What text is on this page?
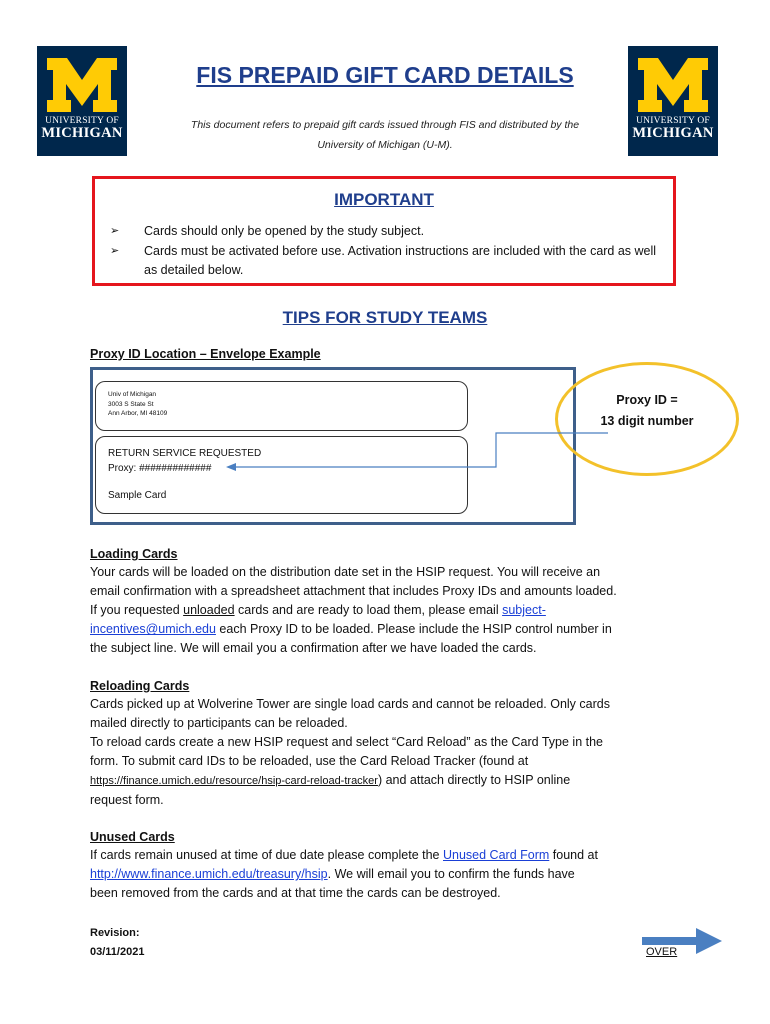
UNIVERSITY OF
MICHIGAN
UNIVERSITY OF
MICHIGAN
FIS PREPAID GIFT CARD DETAILS
This document refers to prepaid gift cards issued through FIS and distributed by the
University of Michigan (U-M).
IMPORTANT
➢	Cards should only be opened by the study subject.
➢	Cards must be activated before use. Activation instructions are included with the card as well as detailed below.
TIPS FOR STUDY TEAMS
Proxy ID Location – Envelope Example
Univ of Michigan
3003 S State St
Ann Arbor, MI 48109
RETURN SERVICE REQUESTED
Proxy: #############
Sample Card
Proxy ID =
13 digit number
Loading Cards
Your cards will be loaded on the distribution date set in the HSIP request. You will receive an
email confirmation with a spreadsheet attachment that includes Proxy IDs and amounts loaded.
If you requested unloaded cards and are ready to load them, please email subject-
incentives@umich.edu each Proxy ID to be loaded. Please include the HSIP control number in
the subject line. We will email you a confirmation after we have loaded the cards.
Reloading Cards
Cards picked up at Wolverine Tower are single load cards and cannot be reloaded. Only cards
mailed directly to participants can be reloaded.
To reload cards create a new HSIP request and select “Card Reload” as the Card Type in the
form. To submit card IDs to be reloaded, use the Card Reload Tracker (found at
https://finance.umich.edu/resource/hsip-card-reload-tracker) and attach directly to HSIP online
request form.
Unused Cards
If cards remain unused at time of due date please complete the Unused Card Form found at
http://www.finance.umich.edu/treasury/hsip. We will email you to confirm the funds have
been removed from the cards and at that time the cards can be destroyed.
Revision:
03/11/2021	OVER
